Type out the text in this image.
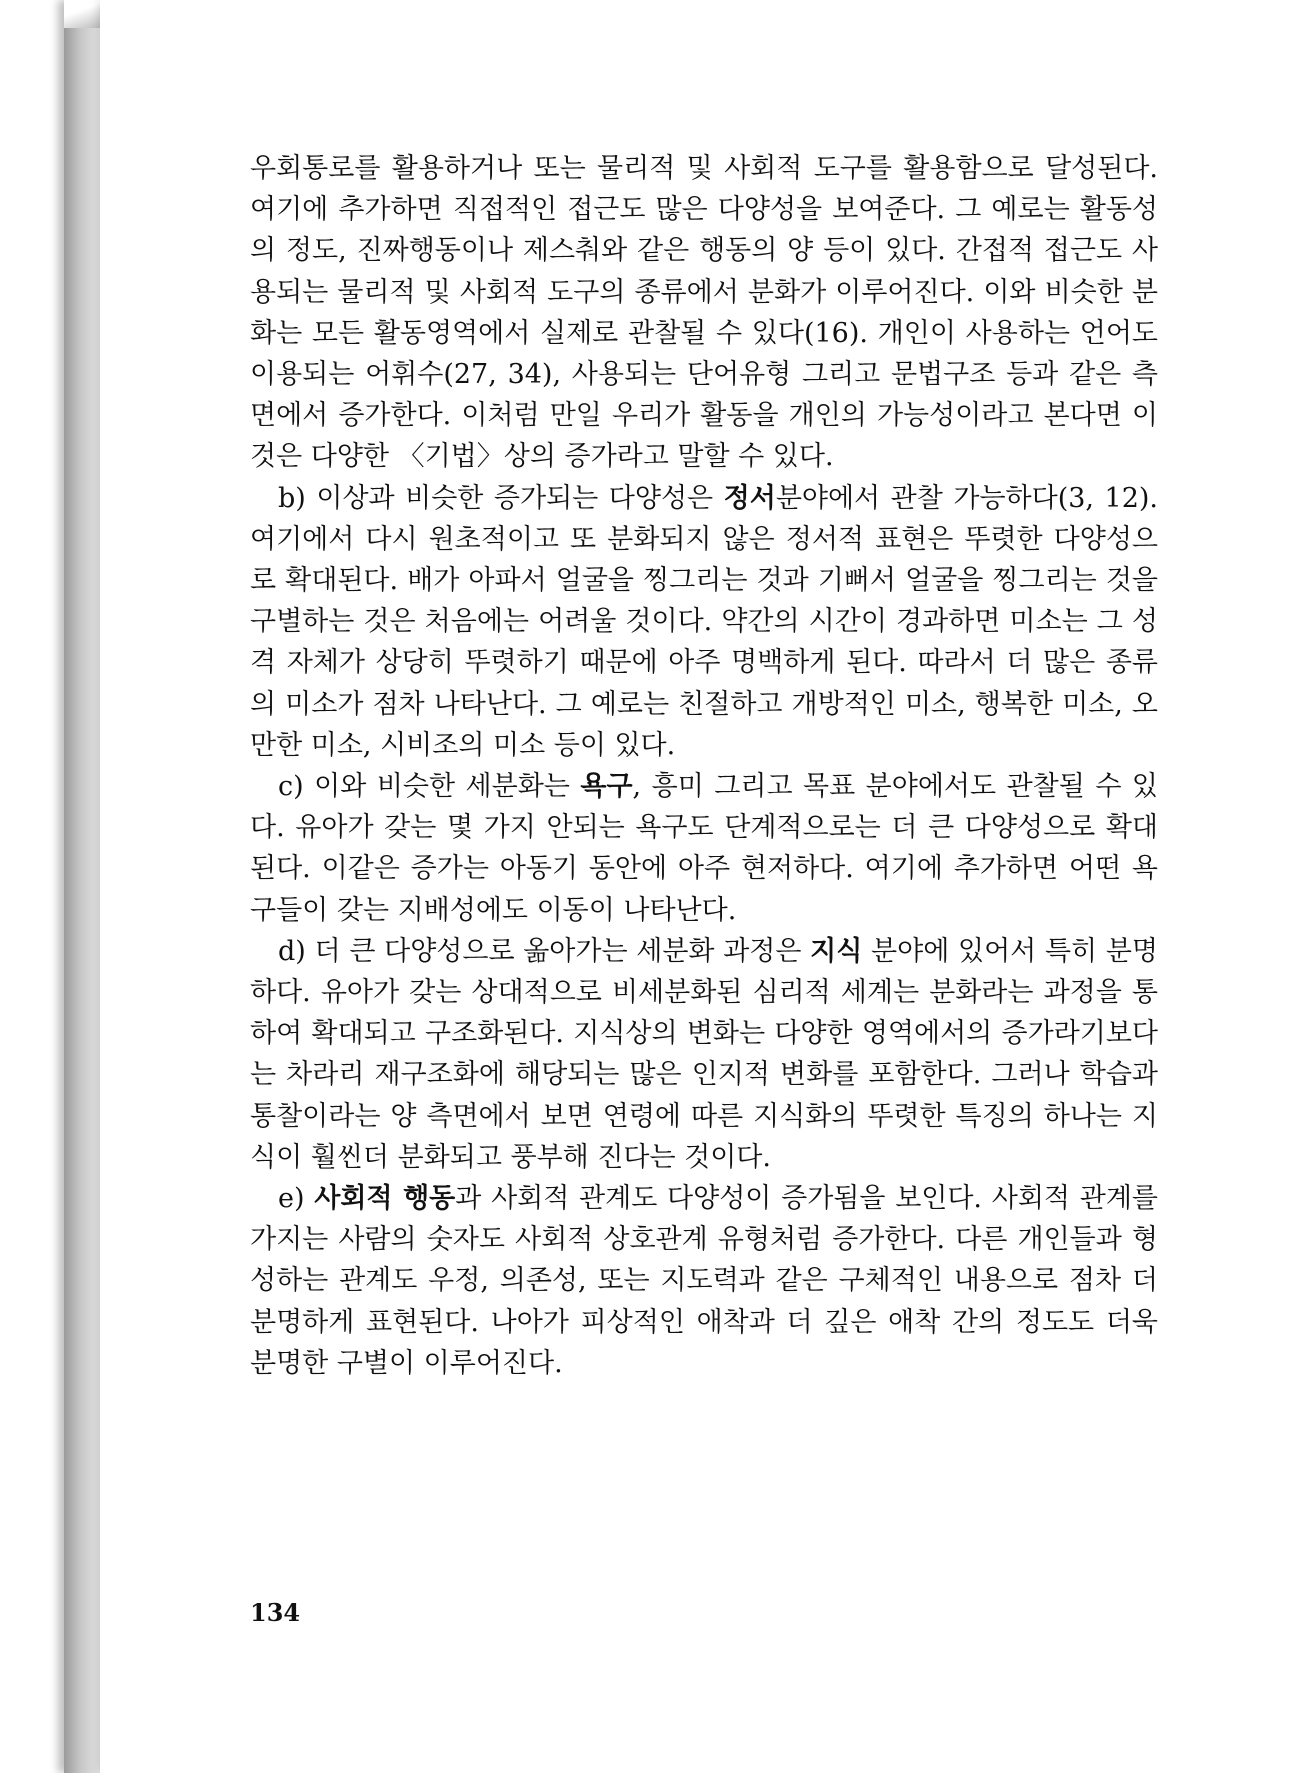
우회통로를 활용하거나 또는 물리적 및 사회적 도구를 활용함으로 달성된다. 여기에 추가하면 직접적인 접근도 많은 다양성을 보여준다. 그 예로는 활동성의 정도, 진짜행동이나 제스춰와 같은 행동의 양 등이 있다. 간접적 접근도 사용되는 물리적 및 사회적 도구의 종류에서 분화가 이루어진다. 이와 비슷한 분화는 모든 활동영역에서 실제로 관찰될 수 있다(16). 개인이 사용하는 언어도 이용되는 어휘수(27, 34), 사용되는 단어유형 그리고 문법구조 등과 같은 측면에서 증가한다. 이처럼 만일 우리가 활동을 개인의 가능성이라고 본다면 이것은 다양한 〈기법〉상의 증가라고 말할 수 있다.

b) 이상과 비슷한 증가되는 다양성은 정서분야에서 관찰 가능하다(3, 12). 여기에서 다시 원초적이고 또 분화되지 않은 정서적 표현은 뚜렷한 다양성으로 확대된다. 배가 아파서 얼굴을 찡그리는 것과 기뻐서 얼굴을 찡그리는 것을 구별하는 것은 처음에는 어려울 것이다. 약간의 시간이 경과하면 미소는 그 성격 자체가 상당히 뚜렷하기 때문에 아주 명백하게 된다. 따라서 더 많은 종류의 미소가 점차 나타난다. 그 예로는 친절하고 개방적인 미소, 행복한 미소, 오만한 미소, 시비조의 미소 등이 있다.

c) 이와 비슷한 세분화는 욕구, 흥미 그리고 목표 분야에서도 관찰될 수 있다. 유아가 갖는 몇 가지 안되는 욕구도 단계적으로는 더 큰 다양성으로 확대된다. 이같은 증가는 아동기 동안에 아주 현저하다. 여기에 추가하면 어떤 욕구들이 갖는 지배성에도 이동이 나타난다.

d) 더 큰 다양성으로 옮아가는 세분화 과정은 지식 분야에 있어서 특히 분명하다. 유아가 갖는 상대적으로 비세분화된 심리적 세계는 분화라는 과정을 통하여 확대되고 구조화된다. 지식상의 변화는 다양한 영역에서의 증가라기보다는 차라리 재구조화에 해당되는 많은 인지적 변화를 포함한다. 그러나 학습과 통찰이라는 양 측면에서 보면 연령에 따른 지식화의 뚜렷한 특징의 하나는 지식이 훨씬더 분화되고 풍부해 진다는 것이다.

e) 사회적 행동과 사회적 관계도 다양성이 증가됨을 보인다. 사회적 관계를 가지는 사람의 숫자도 사회적 상호관계 유형처럼 증가한다. 다른 개인들과 형성하는 관계도 우정, 의존성, 또는 지도력과 같은 구체적인 내용으로 점차 더 분명하게 표현된다. 나아가 피상적인 애착과 더 깊은 애착 간의 정도도 더욱 분명한 구별이 이루어진다.

134
